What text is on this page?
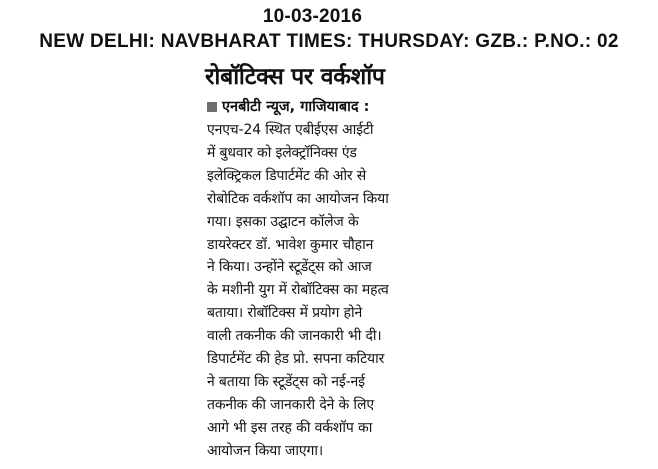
10-03-2016
NEW DELHI: NAVBHARAT TIMES: THURSDAY: GZB.: P.NO.: 02
रोबॉटिक्स पर वर्कशॉप
एनबीटी न्यूज, गाजियाबाद :
एनएच-24 स्थित एबीईएस आईटी
में बुधवार को इलेक्ट्रॉनिक्स एंड
इलेक्ट्रिकल डिपार्टमेंट की ओर से
रोबोटिक वर्कशॉप का आयोजन किया
गया। इसका उद्घाटन कॉलेज के
डायरेक्टर डॉ. भावेश कुमार चौहान
ने किया। उन्होंने स्टूडेंट्स को आज
के मशीनी युग में रोबॉटिक्स का महत्व
बताया। रोबॉटिक्स में प्रयोग होने
वाली तकनीक की जानकारी भी दी।
डिपार्टमेंट की हेड प्रो. सपना कटियार
ने बताया कि स्टूडेंट्स को नई-नई
तकनीक की जानकारी देने के लिए
आगे भी इस तरह की वर्कशॉप का
आयोजन किया जाएगा।
